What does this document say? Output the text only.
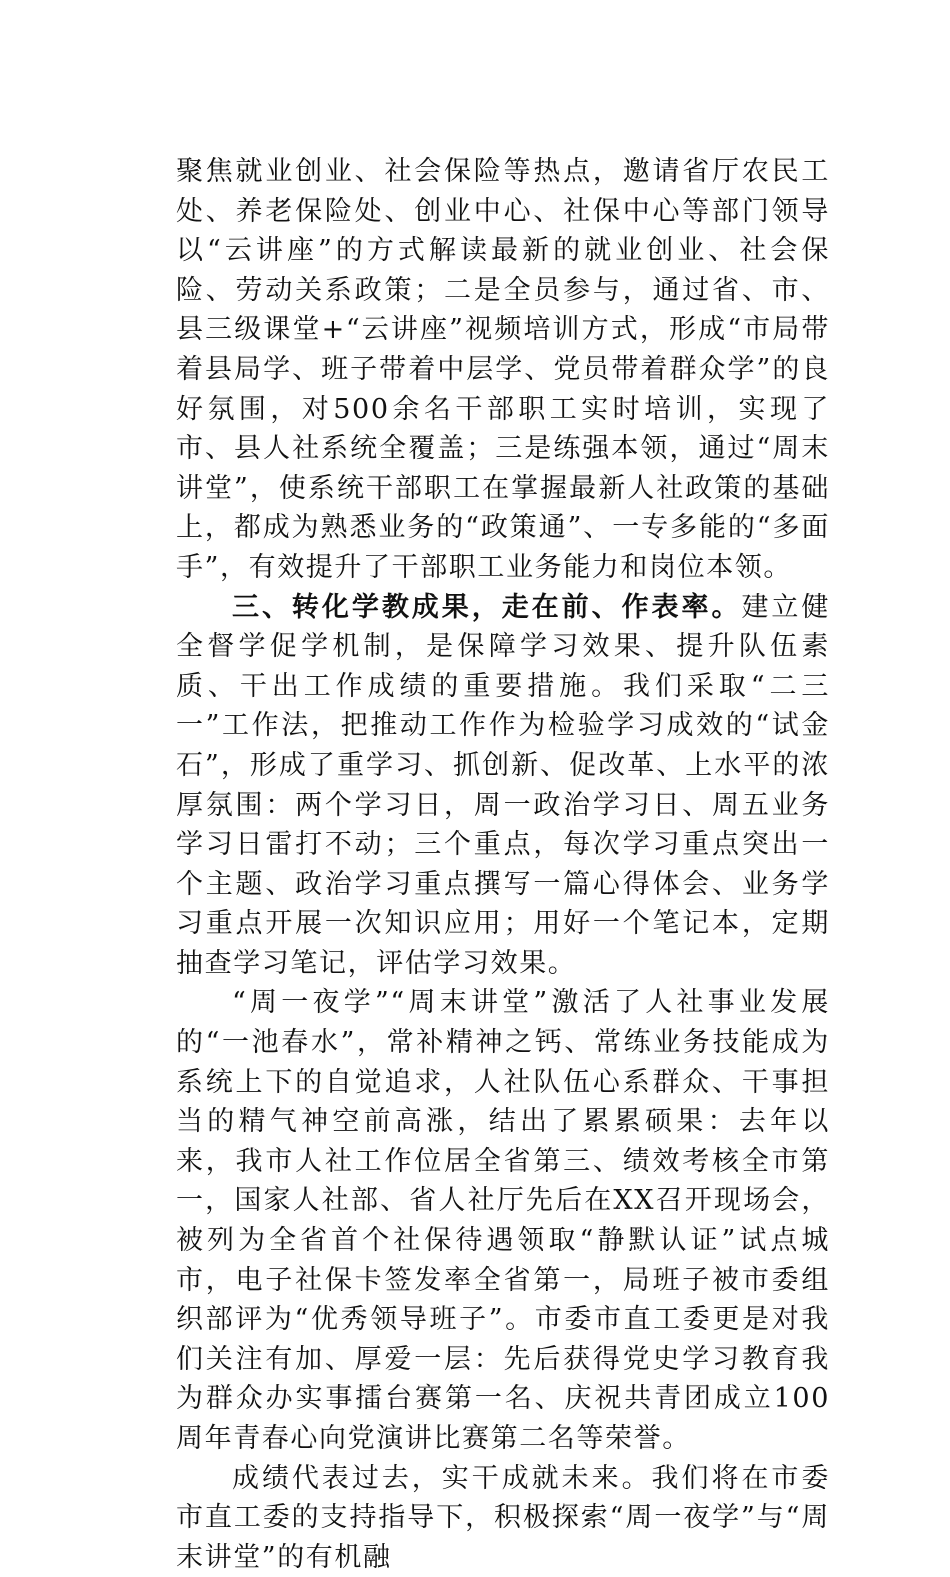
聚焦就业创业、社会保险等热点，邀请省厅农民工处、养老保险处、创业中心、社保中心等部门领导以“云讲座”的方式解读最新的就业创业、社会保险、劳动关系政策；二是全员参与，通过省、市、县三级课堂+“云讲座”视频培训方式，形成“市局带着县局学、班子带着中层学、党员带着群众学”的良好氛围，对500余名干部职工实时培训，实现了市、县人社系统全覆盖；三是练强本领，通过“周末讲堂”，使系统干部职工在掌握最新人社政策的基础上，都成为熟悉业务的“政策通”、一专多能的“多面手”，有效提升了干部职工业务能力和岗位本领。

三、转化学教成果，走在前、作表率。建立健全督学促学机制，是保障学习效果、提升队伍素质、干出工作成绩的重要措施。我们采取“二三一”工作法，把推动工作作为检验学习成效的“试金石”，形成了重学习、抓创新、促改革、上水平的浓厚氛围：两个学习日，周一政治学习日、周五业务学习日雷打不动；三个重点，每次学习重点突出一个主题、政治学习重点撰写一篇心得体会、业务学习重点开展一次知识应用；用好一个笔记本，定期抽查学习笔记，评估学习效果。

“周一夜学”“周末讲堂”激活了人社事业发展的“一池春水”，常补精神之钙、常练业务技能成为系统上下的自觉追求，人社队伍心系群众、干事担当的精气神空前高涨，结出了累累硕果：去年以来，我市人社工作位居全省第三、绩效考核全市第一，国家人社部、省人社厅先后在XX召开现场会，被列为全省首个社保待遇领取“静默认证”试点城市，电子社保卡签发率全省第一，局班子被市委组织部评为“优秀领导班子”。市委市直工委更是对我们关注有加、厚爱一层：先后获得党史学习教育我为群众办实事擂台赛第一名、庆祝共青团成立100周年青春心向党演讲比赛第二名等荣誉。

成绩代表过去，实干成就未来。我们将在市委市直工委的支持指导下，积极探索“周一夜学”与“周末讲堂”的有机融
